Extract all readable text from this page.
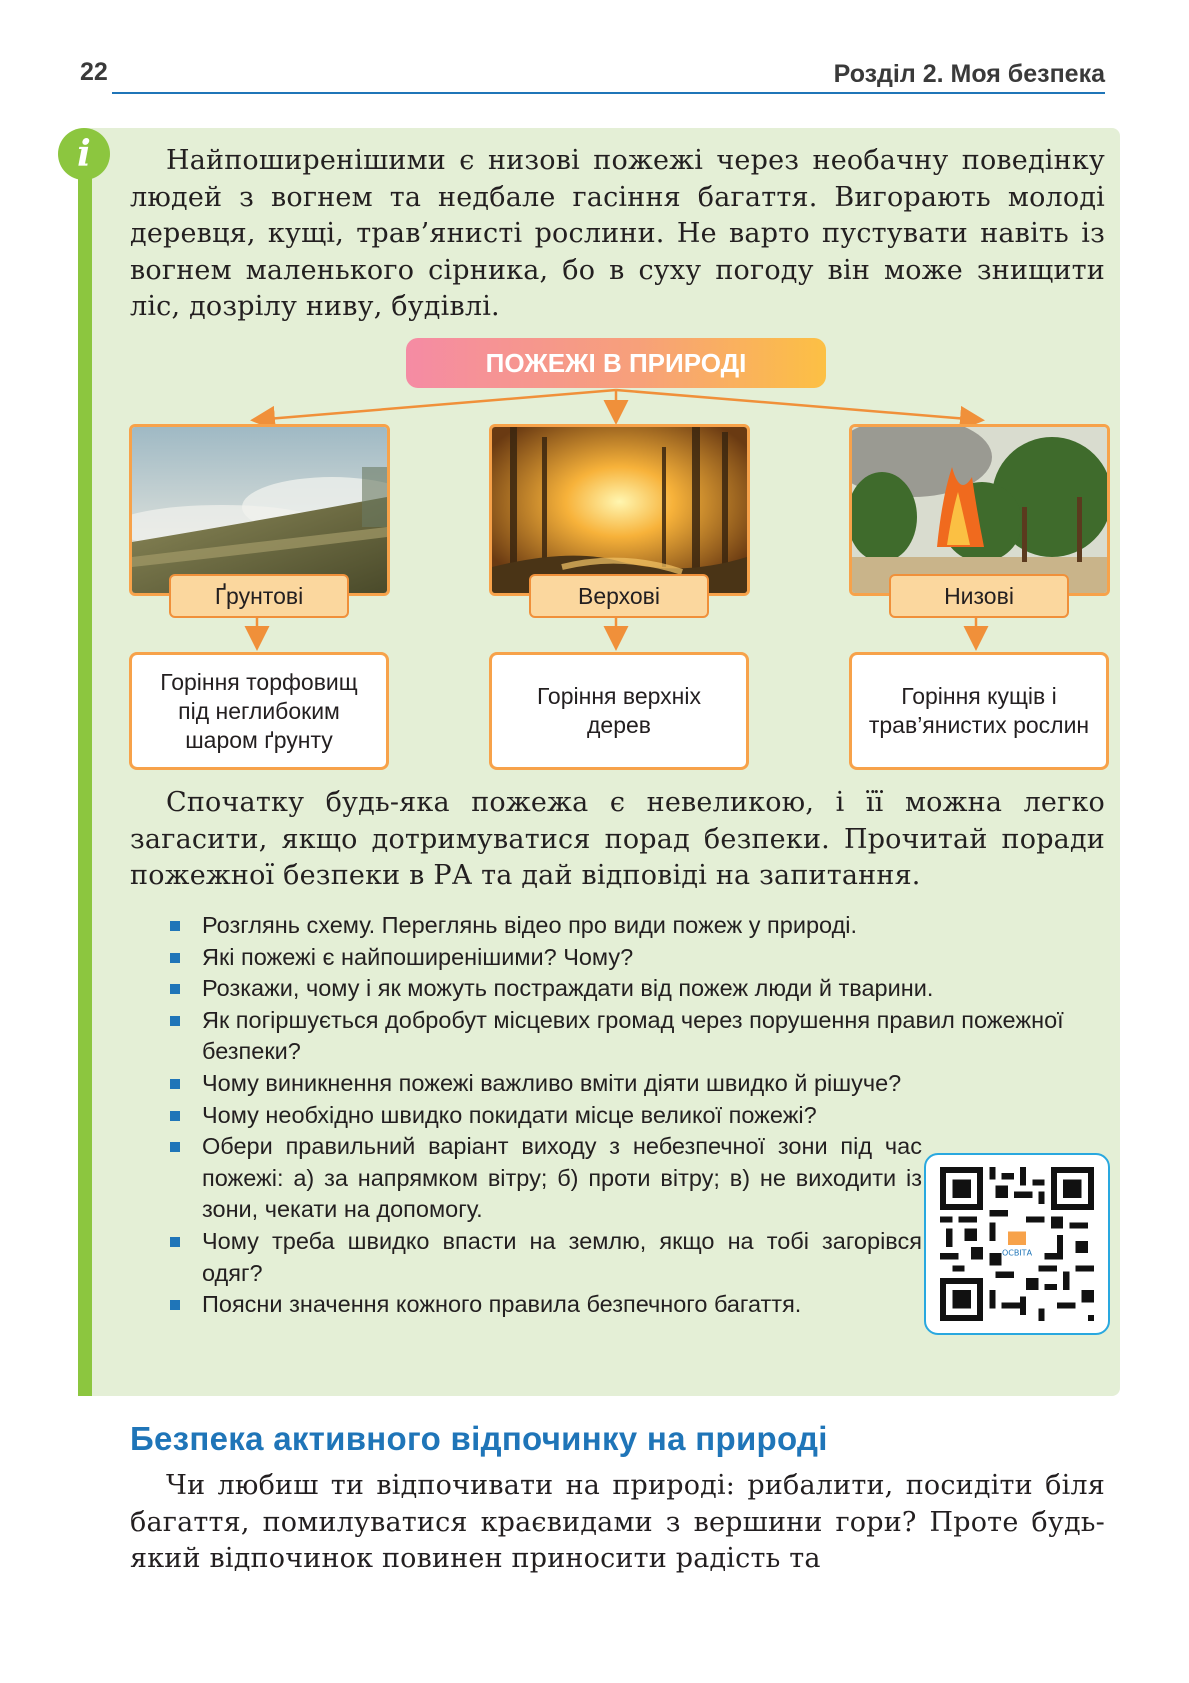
22	Розділ 2. Моя безпека
i	Найпоширенішими є низові пожежі через необачну поведінку людей з вогнем та недбале гасіння багаття. Вигорають молоді деревця, кущі, трав’янисті рослини. Не варто пустувати навіть із вогнем маленького сірника, бо в суху погоду він може знищити ліс, дозрілу ниву, будівлі.

ПОЖЕЖІ В ПРИРОДІ
Ґрунтові	Верхові	Низові
Горіння торфовищ під неглибоким шаром ґрунту
Горіння верхніх дерев
Горіння кущів і трав’янистих рослин

Спочатку будь-яка пожежа є невеликою, і її можна легко загасити, якщо дотримуватися порад безпеки. Прочитай поради пожежної безпеки в РА та дай відповіді на запитання.

Розглянь схему. Переглянь відео про види пожеж у природі.
Які пожежі є найпоширенішими? Чому?
Розкажи, чому і як можуть постраждати від пожеж люди й тварини.
Як погіршується добробут місцевих громад через порушення правил пожежної безпеки?
Чому виникнення пожежі важливо вміти діяти швидко й рішуче?
Чому необхідно швидко покидати місце великої пожежі?
Обери правильний варіант виходу з небезпечної зони під час пожежі: а) за напрямком вітру; б) проти вітру; в) не виходити із зони, чекати на допомогу.
Чому треба швидко впасти на землю, якщо на тобі загорівся одяг?
Поясни значення кожного правила безпечного багаття.
ОСВІТА
Безпека активного відпочинку на природі

Чи любиш ти відпочивати на природі: рибалити, посидіти біля багаття, помилуватися краєвидами з вершини гори? Проте будь-який відпочинок повинен приносити радість та
